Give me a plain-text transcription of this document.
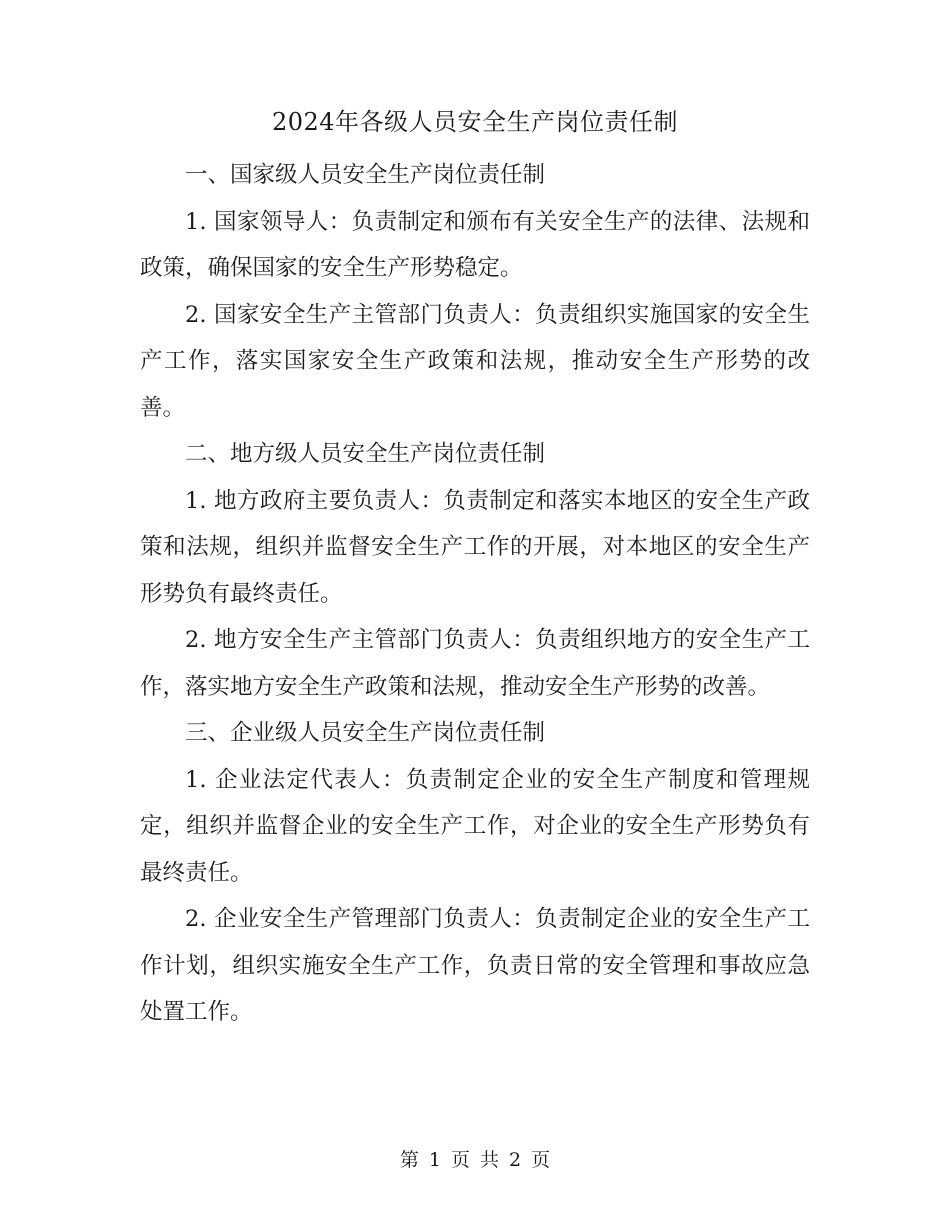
2024年各级人员安全生产岗位责任制

一、国家级人员安全生产岗位责任制

1. 国家领导人：负责制定和颁布有关安全生产的法律、法规和政策，确保国家的安全生产形势稳定。

2. 国家安全生产主管部门负责人：负责组织实施国家的安全生产工作，落实国家安全生产政策和法规，推动安全生产形势的改善。

二、地方级人员安全生产岗位责任制

1. 地方政府主要负责人：负责制定和落实本地区的安全生产政策和法规，组织并监督安全生产工作的开展，对本地区的安全生产形势负有最终责任。

2. 地方安全生产主管部门负责人：负责组织地方的安全生产工作，落实地方安全生产政策和法规，推动安全生产形势的改善。

三、企业级人员安全生产岗位责任制

1. 企业法定代表人：负责制定企业的安全生产制度和管理规定，组织并监督企业的安全生产工作，对企业的安全生产形势负有最终责任。

2. 企业安全生产管理部门负责人：负责制定企业的安全生产工作计划，组织实施安全生产工作，负责日常的安全管理和事故应急处置工作。

第 1 页 共 2 页
